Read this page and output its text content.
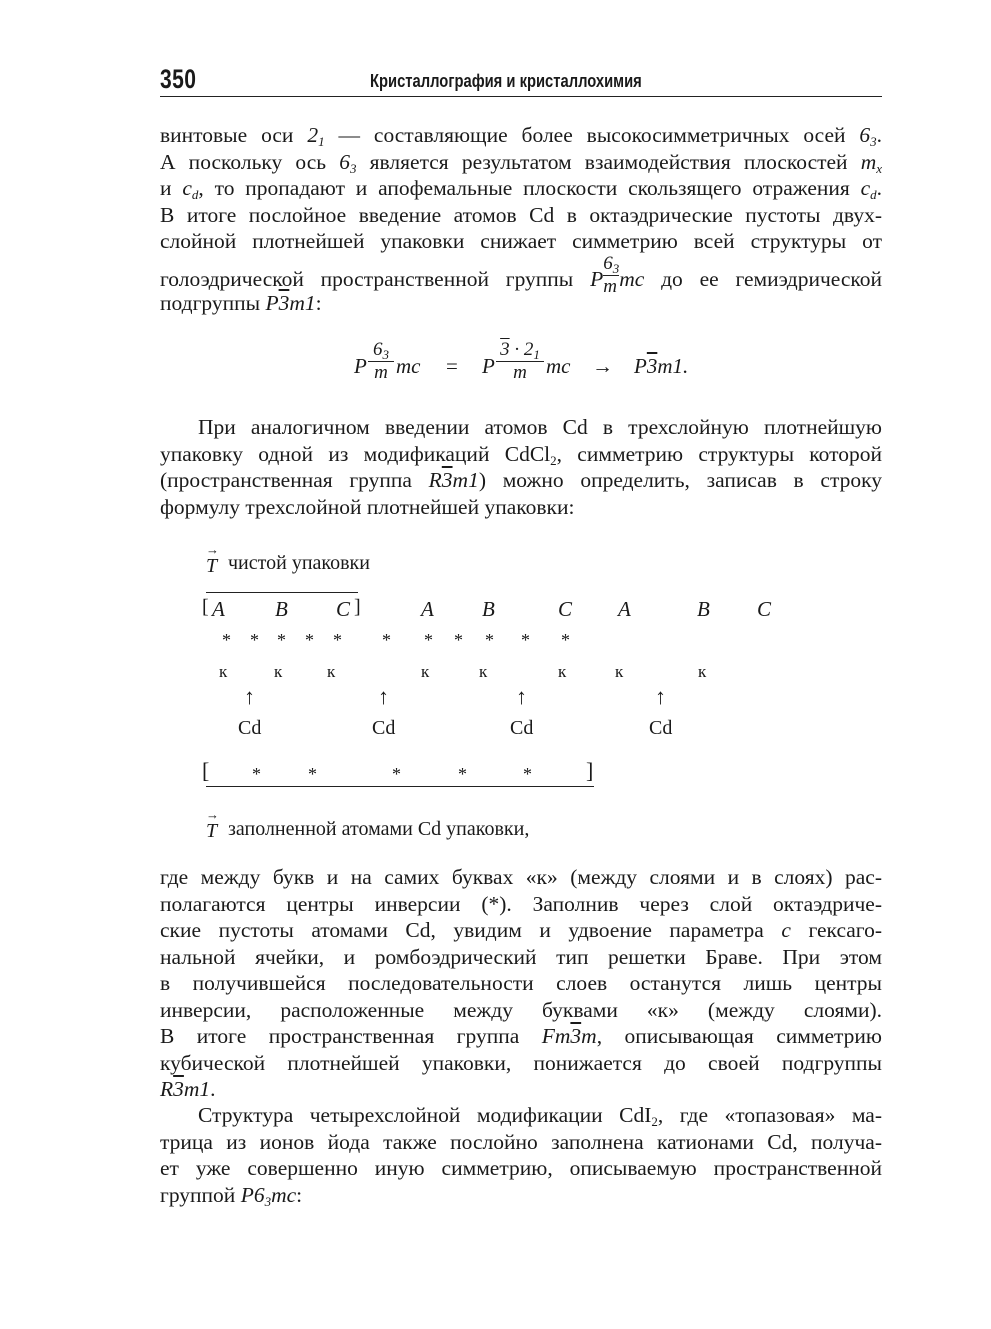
350	Кристаллография и кристаллохимия
винтовые оси $2_1$ — составляющие более высокосимметричных осей $6_3$.
А поскольку ось $6_3$ является результатом взаимодействия плоскостей $m_x$
и $c_d$, то пропадают и апофемальные плоскости скользящего отражения $c_d$.
В итоге послойное введение атомов Cd в октаэдрические пустоты двух-
слойной плотнейшей упаковки снижает симметрию всей структуры от
голоэдрической пространственной группы P $\frac{6_3}{m}$ mc до ее гемиэдрической
подгруппы P3m1:
P
$6_3$
m mc = P
$3 \cdot 2_1$
m mc → P3m1.
При аналогичном введении атомов Cd в трехслойную плотнейшую
упаковку одной из модификаций CdCl$_2$, симметрию структуры которой
(пространственная группа R3m1) можно определить, записав в строку
формулу трехслойной плотнейшей упаковки:
→ T чистой упаковки
[	]
A B C	A B	C A	B C
* * * * * * * * * * *
к	к	к	к	к	к	к	к
↑	↑	↑	↑
Cd	Cd	Cd	Cd
[ *	*	*	*	* ]
→ T заполненной атомами Cd упаковки,
где между букв и на самих буквах «к» (между слоями и в слоях) рас-
полагаются центры инверсии (*). Заполнив через слой октаэдриче-
ские пустоты атомами Cd, увидим и удвоение параметра c гексаго-
нальной ячейки, и ромбоэдрический тип решетки Браве. При этом
в получившейся последовательности слоев останутся лишь центры
инверсии, расположенные между буквами «к» (между слоями).
В итоге пространственная группа Fm3m, описывающая симметрию
кубической плотнейшей упаковки, понижается до своей подгруппы
R3m1.
Структура четырехслойной модификации CdI$_2$, где «топазовая» ма-
трица из ионов йода также послойно заполнена катионами Cd, получа-
ет уже совершенно иную симметрию, описываемую пространственной
группой $P6_3mc$:
